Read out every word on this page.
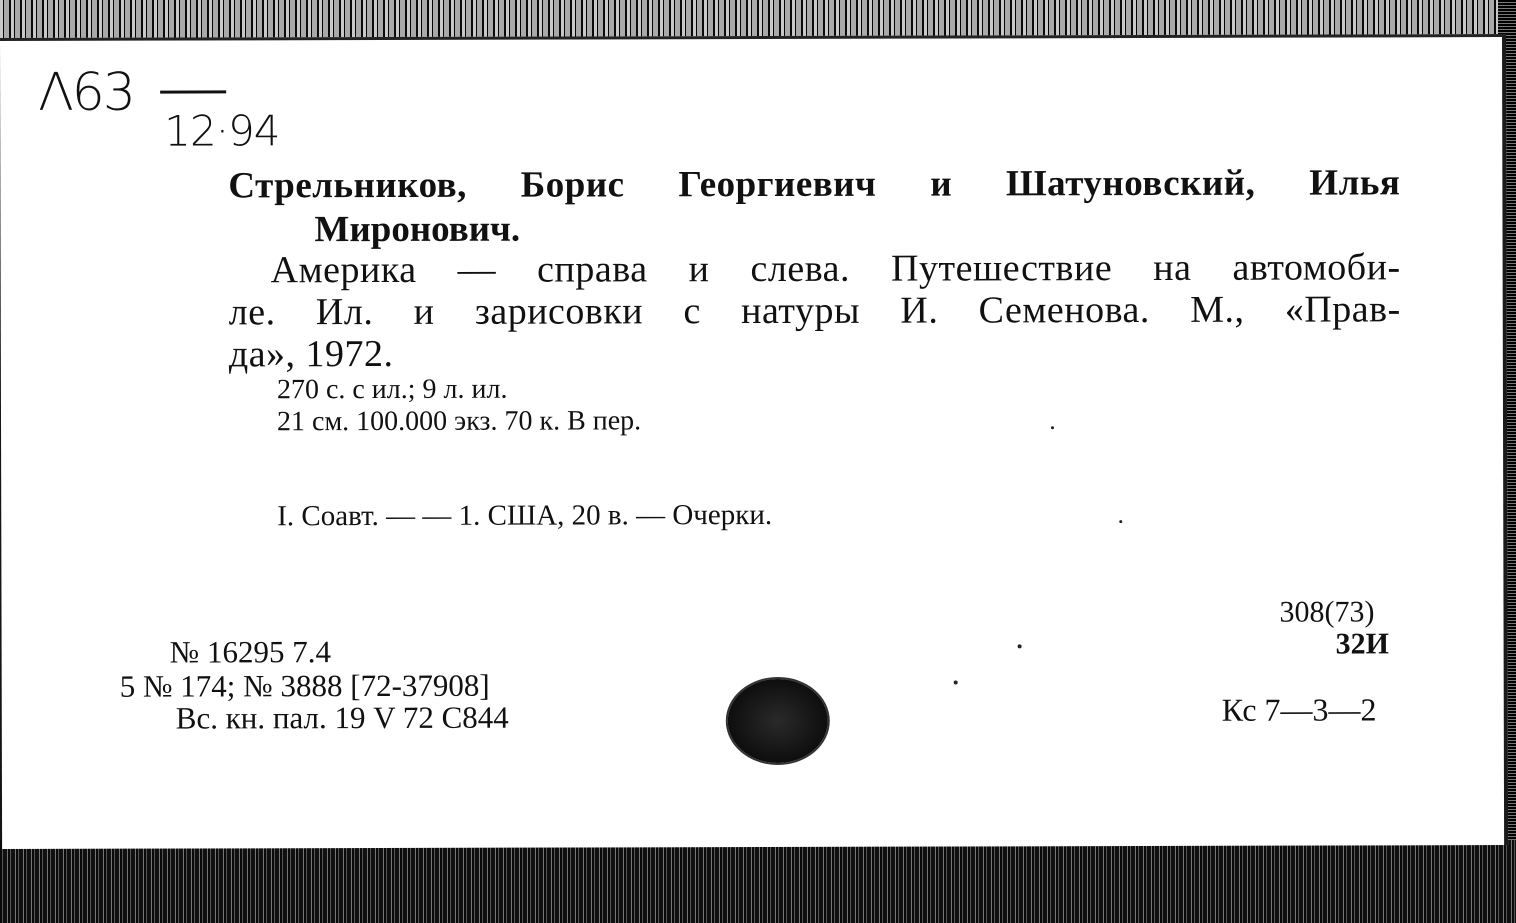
Λ63
12·94
Стрельников, Борис Георгиевич и Шатуновский, Илья
Миронович.
Америка — справа и слева. Путешествие на автомоби-
ле. Ил. и зарисовки с натуры И. Семенова. М., «Прав-
да», 1972.
270 с. с ил.; 9 л. ил.
21 см. 100.000 экз. 70 к. В пер.
I. Соавт. — — 1. США, 20 в. — Очерки.
308(73)
32И
Кс 7—3—2
№ 16295 7.4
5 № 174; № 3888 [72-37908]
Вс. кн. пал. 19 V 72 С844
